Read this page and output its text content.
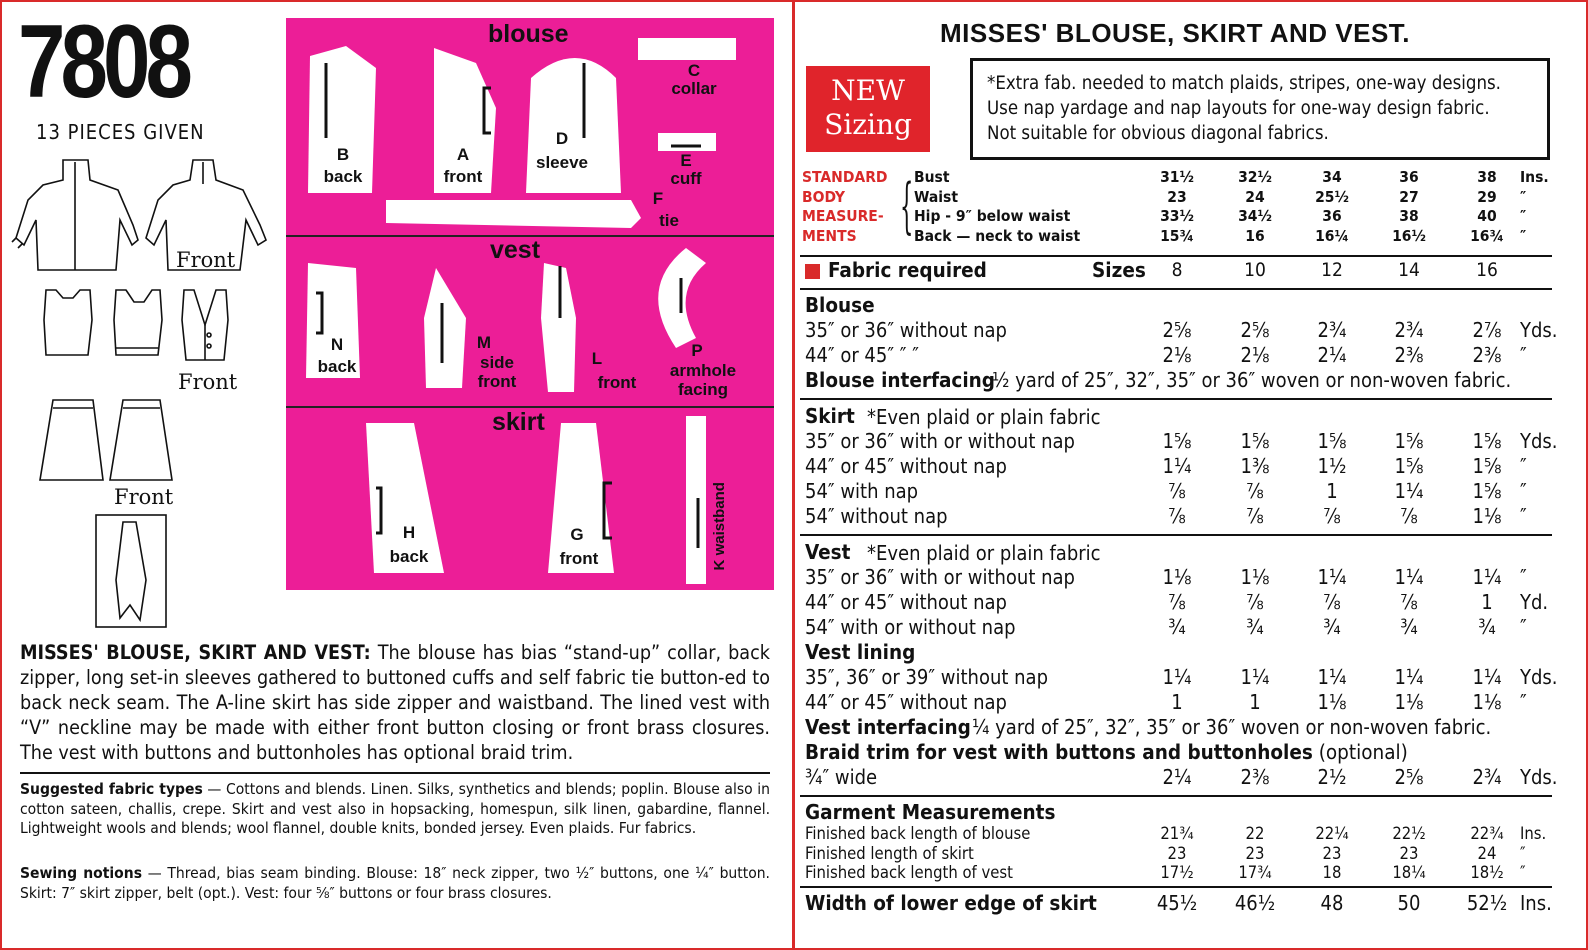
7808
13 PIECES GIVEN
Front
Front
Front
blouse
vest
skirt
B
back
A
front
D
sleeve
C
collar
E
cuff
F
tie
N
back
M
side front
L
front
P
armhole facing
H
back
G
front	K waistband
MISSES' BLOUSE, SKIRT AND VEST: The blouse has bias “stand-up” collar, back zipper, long set-in sleeves gathered to buttoned cuffs and self fabric tie button-ed to back neck seam. The A-line skirt has side zipper and waistband. The lined vest with “V” neckline may be made with either front button closing or front brass closures. The vest with buttons and buttonholes has optional braid trim.
Suggested fabric types — Cottons and blends. Linen. Silks, synthetics and blends; poplin. Blouse also in cotton sateen, challis, crepe. Skirt and vest also in hopsacking, homespun, silk linen, gabardine, flannel. Lightweight wools and blends; wool flannel, double knits, bonded jersey. Even plaids. Fur fabrics.
Sewing notions — Thread, bias seam binding. Blouse: 18″ neck zipper, two ½″ buttons, one ¼″ button. Skirt: 7″ skirt zipper, belt (opt.). Vest: four ⅝″ buttons or four brass closures.
MISSES' BLOUSE, SKIRT AND VEST.
NEW
Sizing
*Extra fab. needed to match plaids, stripes, one-way designs.
Use nap yardage and nap layouts for one-way design fabric.
Not suitable for obvious diagonal fabrics.
STANDARD
BODY
MEASURE-
MENTS { Bust	31½	32½	34	36	38	Ins.
Waist	23	24	25½	27	29	″
Hip - 9″ below waist	33½	34½	36	38	40	″
Back — neck to waist	15¾	16	16¼	16½	16¾	″
Fabric required	Sizes	8	10	12	14	16
Blouse
35″ or 36″ without nap	2⅝	2⅝	2¾	2¾	2⅞ Yds.
44″ or 45″ ″ ″	2⅛	2⅛	2¼	2⅜	2⅜ ″
Blouse interfacing
½ yard of 25″, 32″, 35″ or 36″ woven or non-woven fabric.
Skirt *Even plaid or plain fabric
35″ or 36″ with or without nap	1⅝	1⅝	1⅝	1⅝	1⅝ Yds.
44″ or 45″ without nap	1¼	1⅜	1½	1⅝	1⅝ ″
54″ with nap	⅞	⅞	1	1¼	1⅝ ″
54″ without nap	⅞	⅞	⅞	⅞	1⅛ ″
Vest *Even plaid or plain fabric
35″ or 36″ with or without nap	1⅛	1⅛	1¼	1¼	1¼ ″
44″ or 45″ without nap	⅞	⅞	⅞	⅞	1	Yd.
54″ with or without nap	¾	¾	¾	¾	¾	″
Vest lining
35″, 36″ or 39″ without nap	1¼	1¼	1¼	1¼	1¼ Yds.
44″ or 45″ without nap	1	1	1⅛	1⅛	1⅛ ″
Vest interfacing ¼ yard of 25″, 32″, 35″ or 36″ woven or non-woven fabric.
Braid trim for vest with buttons and buttonholes (optional)
¾″ wide	2¼	2⅜	2½	2⅝	2¾ Yds.
Garment Measurements
Finished back length of blouse	21¾	22	22¼	22½	22¾ Ins.
Finished length of skirt	23	23	23	23	24	″
Finished back length of vest	17½	17¾	18	18¼	18½ ″
Width of lower edge of skirt	45½	46½	48	50	52½ Ins.
